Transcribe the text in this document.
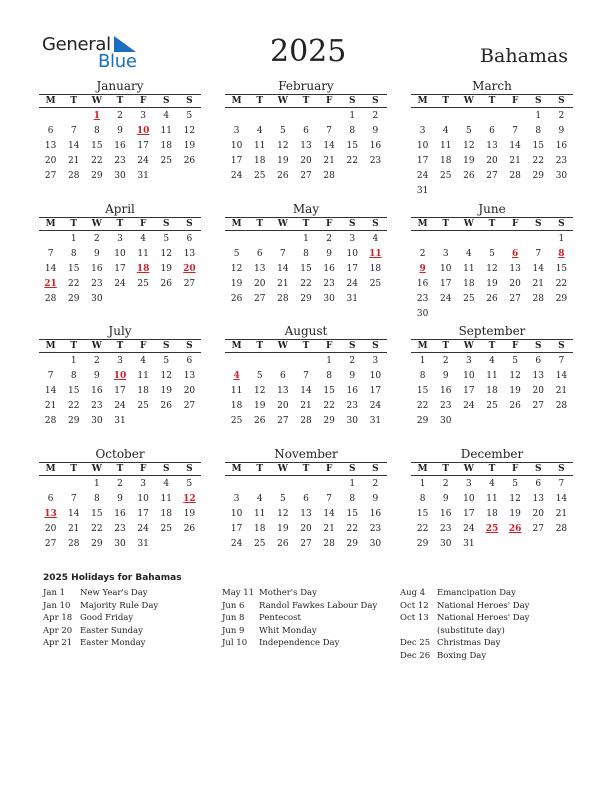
General
Blue	2025	Bahamas
January
M	T	W	T	F	S	S
		1	2	3	4	5
6	7	8	9	10	11	12
13	14	15	16	17	18	19
20	21	22	23	24	25	26
27	28	29	30	31		
February
M	T	W	T	F	S	S
					1	2
3	4	5	6	7	8	9
10	11	12	13	14	15	16
17	18	19	20	21	22	23
24	25	26	27	28		
March
M	T	W	T	F	S	S
					1	2
3	4	5	6	7	8	9
10	11	12	13	14	15	16
17	18	19	20	21	22	23
24	25	26	27	28	29	30
31						
April
M	T	W	T	F	S	S
	1	2	3	4	5	6
7	8	9	10	11	12	13
14	15	16	17	18	19	20
21	22	23	24	25	26	27
28	29	30				
May
M	T	W	T	F	S	S
			1	2	3	4
5	6	7	8	9	10	11
12	13	14	15	16	17	18
19	20	21	22	23	24	25
26	27	28	29	30	31	
June
M	T	W	T	F	S	S
						1
2	3	4	5	6	7	8
9	10	11	12	13	14	15
16	17	18	19	20	21	22
23	24	25	26	27	28	29
30						
July
M	T	W	T	F	S	S
	1	2	3	4	5	6
7	8	9	10	11	12	13
14	15	16	17	18	19	20
21	22	23	24	25	26	27
28	29	30	31			
August
M	T	W	T	F	S	S
				1	2	3
4	5	6	7	8	9	10
11	12	13	14	15	16	17
18	19	20	21	22	23	24
25	26	27	28	29	30	31
September
M	T	W	T	F	S	S
1	2	3	4	5	6	7
8	9	10	11	12	13	14
15	16	17	18	19	20	21
22	23	24	25	26	27	28
29	30					
October
M	T	W	T	F	S	S
		1	2	3	4	5
6	7	8	9	10	11	12
13	14	15	16	17	18	19
20	21	22	23	24	25	26
27	28	29	30	31		
November
M	T	W	T	F	S	S
					1	2
3	4	5	6	7	8	9
10	11	12	13	14	15	16
17	18	19	20	21	22	23
24	25	26	27	28	29	30
December
M	T	W	T	F	S	S
1	2	3	4	5	6	7
8	9	10	11	12	13	14
15	16	17	18	19	20	21
22	23	24	25	26	27	28
29	30	31				
2025 Holidays for Bahamas
Jan 1	New Year's Day
Jan 10	Majority Rule Day
Apr 18 Good Friday
Apr 20 Easter Sunday
Apr 21 Easter Monday
May 11 Mother's Day
Jun 6	Randol Fawkes Labour Day
Jun 8	Pentecost
Jun 9	Whit Monday
Jul 10	Independence Day
Aug 4	Emancipation Day
Oct 12 National Heroes' Day
Oct 13 National Heroes' Day (substitute day)
Dec 25 Christmas Day
Dec 26 Boxing Day
